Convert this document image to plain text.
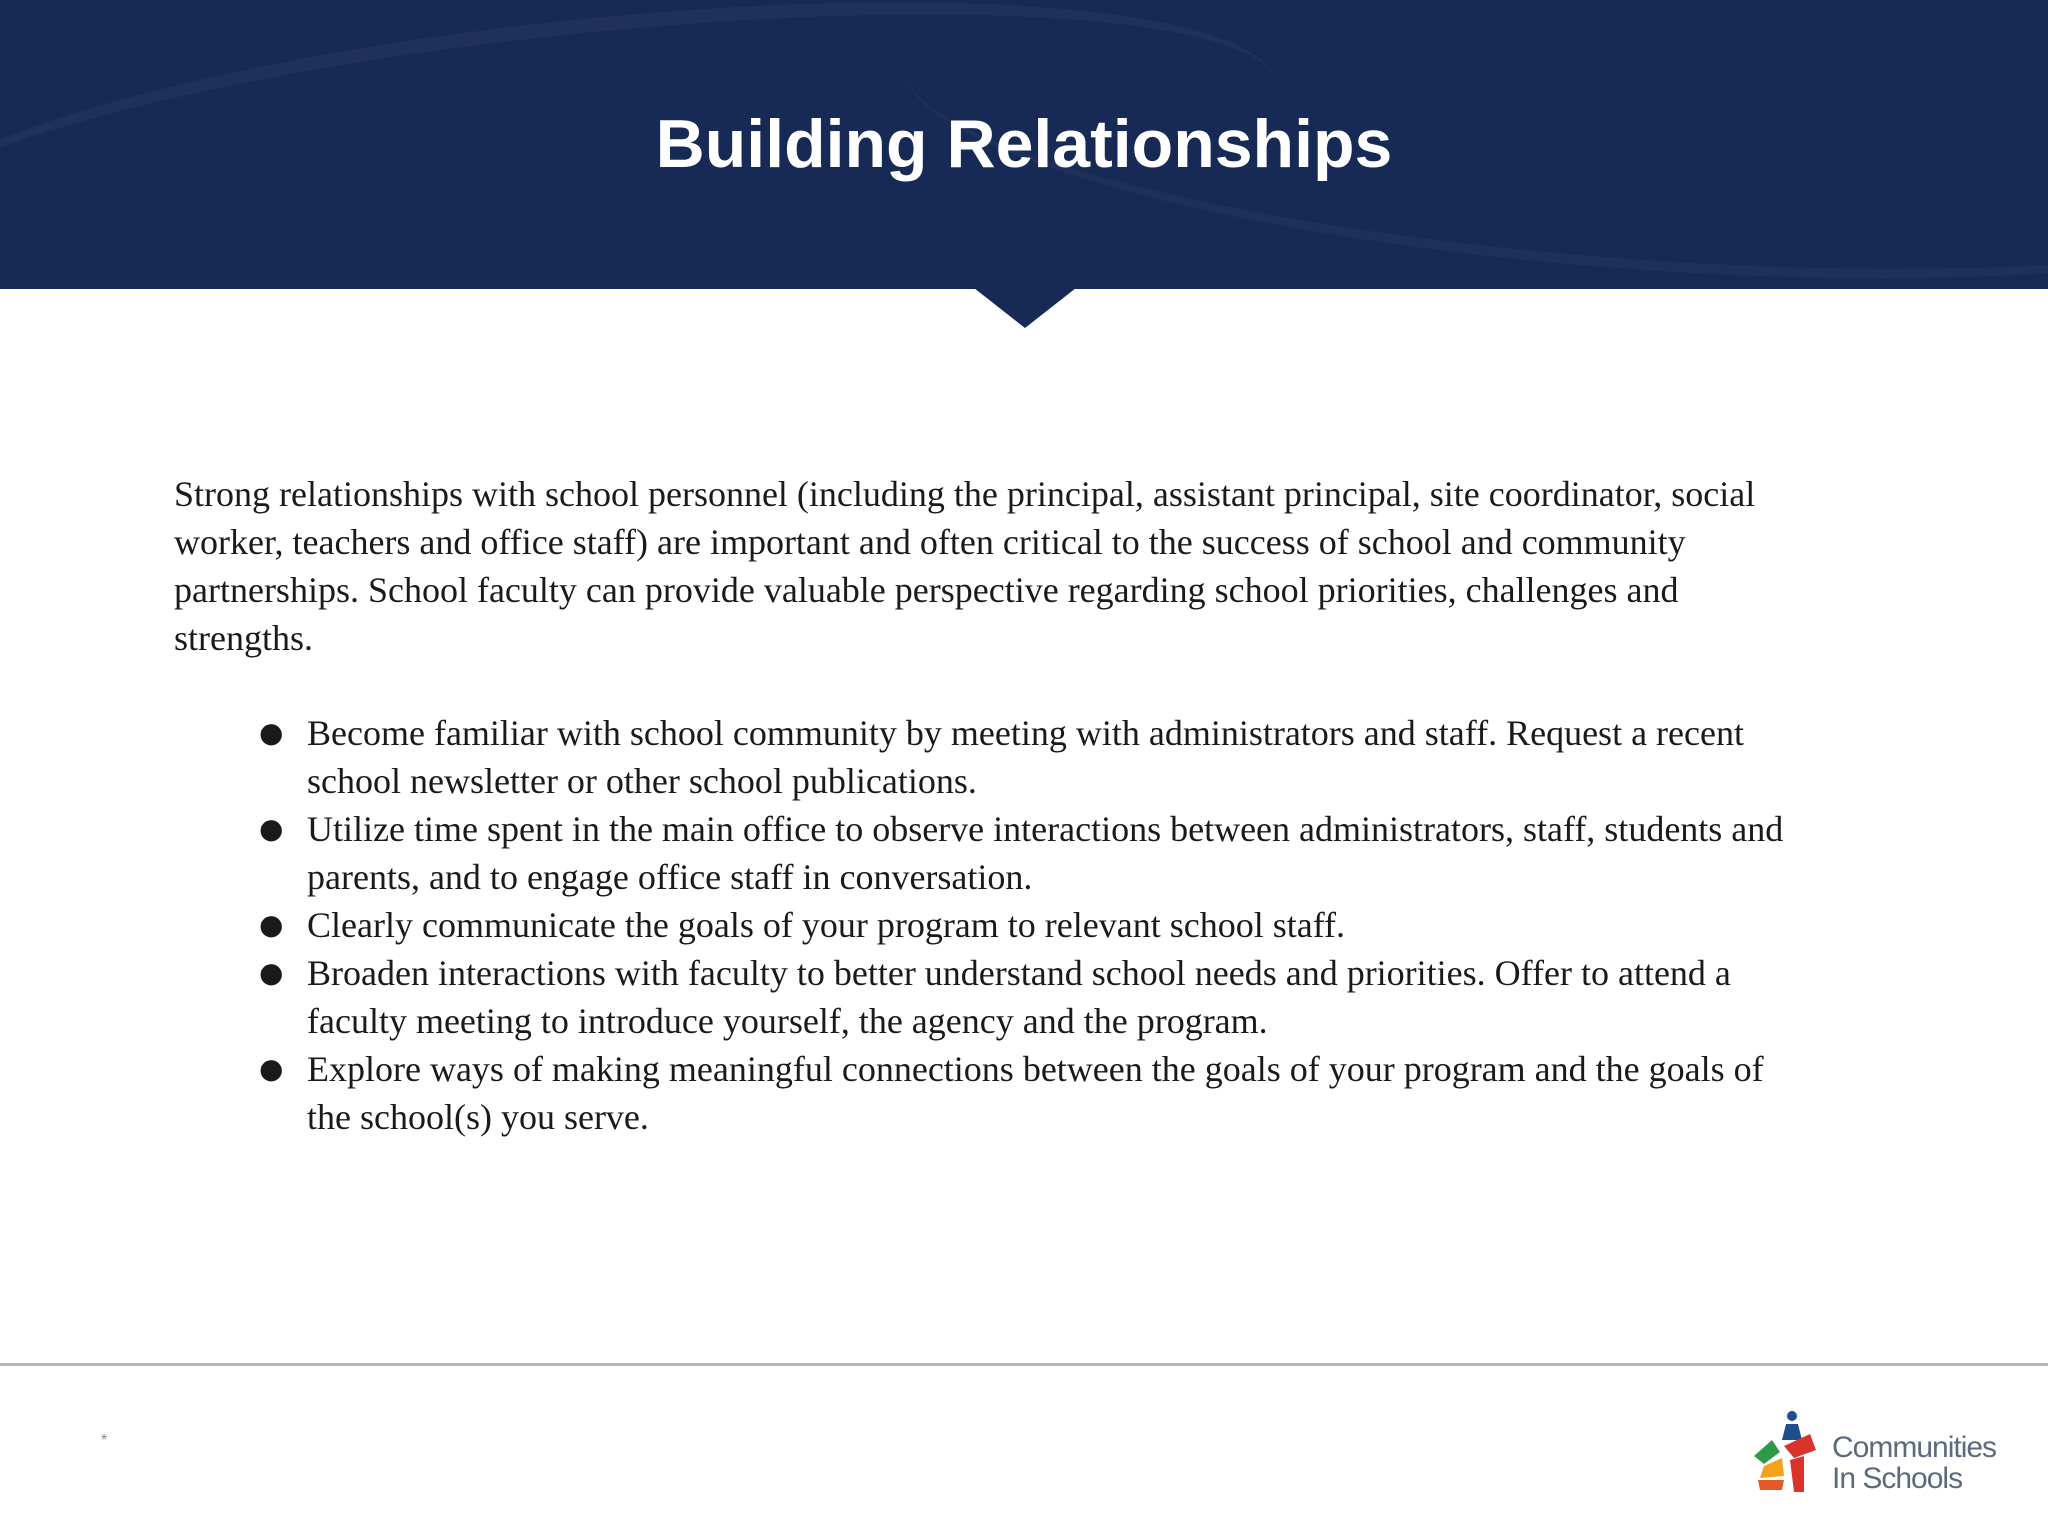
Building Relationships

Strong relationships with school personnel (including the principal, assistant principal, site coordinator, social worker, teachers and office staff) are important and often critical to the success of school and community partnerships. School faculty can provide valuable perspective regarding school priorities, challenges and strengths.

● Become familiar with school community by meeting with administrators and staff. Request a recent school newsletter or other school publications.
● Utilize time spent in the main office to observe interactions between administrators, staff, students and parents, and to engage office staff in conversation.
● Clearly communicate the goals of your program to relevant school staff.
● Broaden interactions with faculty to better understand school needs and priorities. Offer to attend a faculty meeting to introduce yourself, the agency and the program.
● Explore ways of making meaningful connections between the goals of your program and the goals of the school(s) you serve.
*	Communities
In Schools
